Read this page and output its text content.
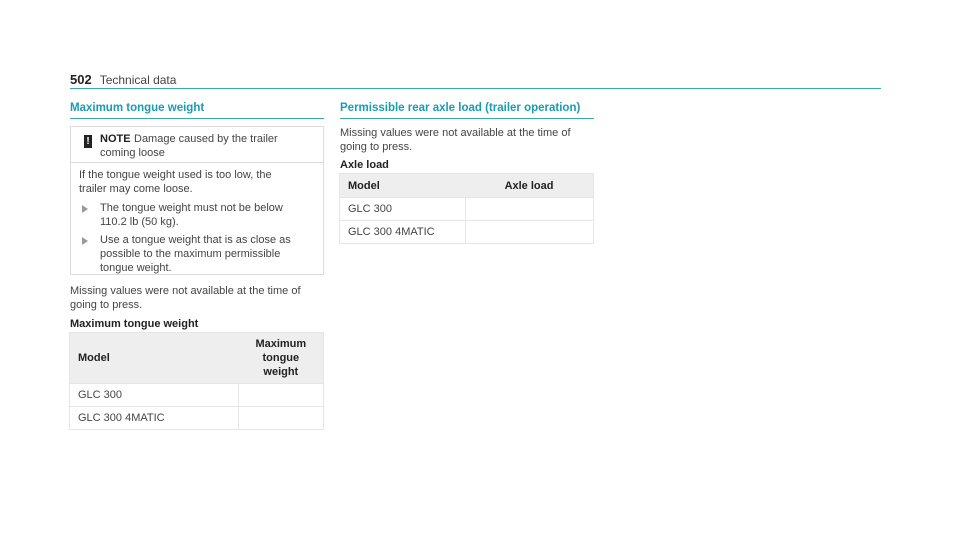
502 Technical data
Maximum tongue weight
! NOTE Damage caused by the trailer
coming loose
If the tongue weight used is too low, the
trailer may come loose.
The tongue weight must not be below
110.2 lb (50 kg).
Use a tongue weight that is as close as
possible to the maximum permissible
tongue weight.
Missing values were not available at the time of
going to press.
Maximum tongue weight
Model	Maximum
tongue
weight

GLC 300	
GLC 300 4MATIC	
Permissible rear axle load (trailer operation)
Missing values were not available at the time of
going to press.
Axle load
Model	Axle load
GLC 300	
GLC 300 4MATIC	
